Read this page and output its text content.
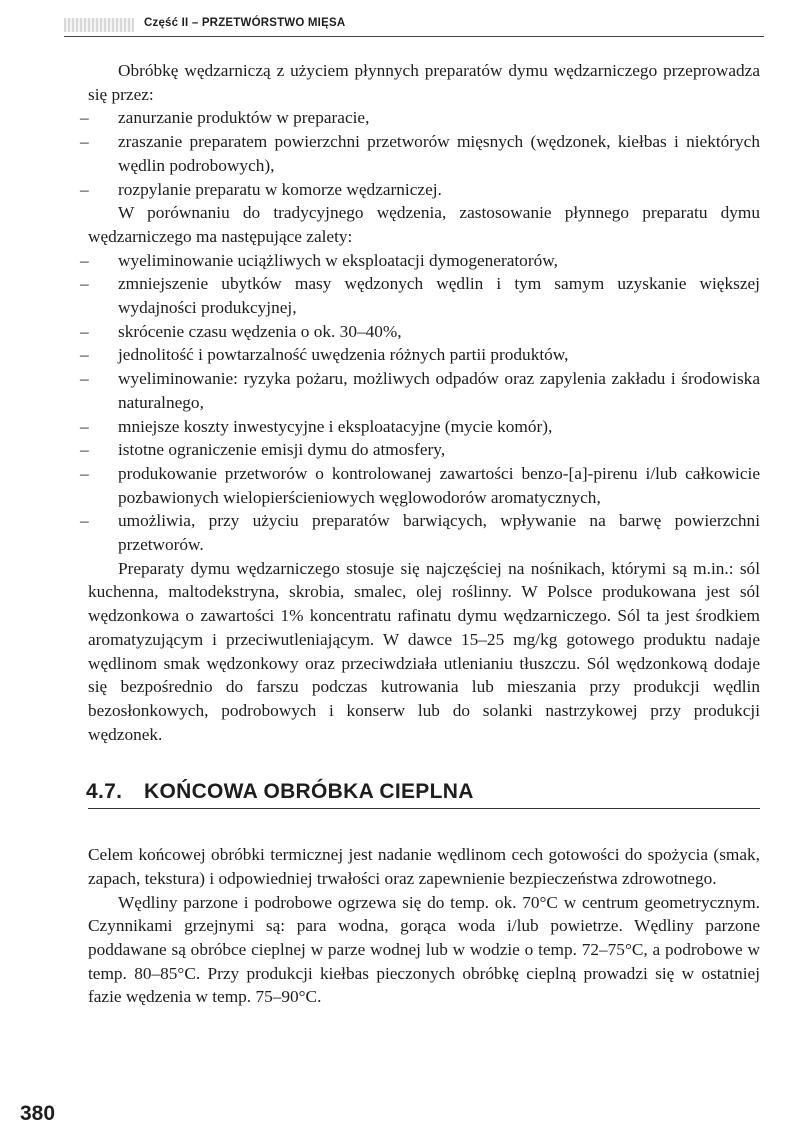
Część II – PRZETWÓRSTWO MIĘSA

Obróbkę wędzarniczą z użyciem płynnych preparatów dymu wędzarniczego przeprowadza się przez:

– zanurzanie produktów w preparacie,
– zraszanie preparatem powierzchni przetworów mięsnych (wędzonek, kiełbas i niektórych wędlin podrobowych),
– rozpylanie preparatu w komorze wędzarniczej.

W porównaniu do tradycyjnego wędzenia, zastosowanie płynnego preparatu dymu wędzarniczego ma następujące zalety:

– wyeliminowanie uciążliwych w eksploatacji dymogeneratorów,
– zmniejszenie ubytków masy wędzonych wędlin i tym samym uzyskanie większej wydajności produkcyjnej,
– skrócenie czasu wędzenia o ok. 30–40%,
– jednolitość i powtarzalność uwędzenia różnych partii produktów,
– wyeliminowanie: ryzyka pożaru, możliwych odpadów oraz zapylenia zakładu i środowiska naturalnego,
– mniejsze koszty inwestycyjne i eksploatacyjne (mycie komór),
– istotne ograniczenie emisji dymu do atmosfery,
– produkowanie przetworów o kontrolowanej zawartości benzo-[a]-pirenu i/lub całkowicie pozbawionych wielopierścieniowych węglowodorów aromatycznych,
– umożliwia, przy użyciu preparatów barwiących, wpływanie na barwę powierzchni przetworów.

Preparaty dymu wędzarniczego stosuje się najczęściej na nośnikach, którymi są m.in.: sól kuchenna, maltodekstryna, skrobia, smalec, olej roślinny. W Polsce produkowana jest sól wędzonkowa o zawartości 1% koncentratu rafinatu dymu wędzarniczego. Sól ta jest środkiem aromatyzującym i przeciwutleniającym. W dawce 15–25 mg/kg gotowego produktu nadaje wędlinom smak wędzonkowy oraz przeciwdziała utlenianiu tłuszczu. Sól wędzonkową dodaje się bezpośrednio do farszu podczas kutrowania lub mieszania przy produkcji wędlin bezosłonkowych, podrobowych i konserw lub do solanki nastrzykowej przy produkcji wędzonek.

4.7. KOŃCOWA OBRÓBKA CIEPLNA

Celem końcowej obróbki termicznej jest nadanie wędlinom cech gotowości do spożycia (smak, zapach, tekstura) i odpowiedniej trwałości oraz zapewnienie bezpieczeństwa zdrowotnego.

Wędliny parzone i podrobowe ogrzewa się do temp. ok. 70°C w centrum geometrycznym. Czynnikami grzejnymi są: para wodna, gorąca woda i/lub powietrze. Wędliny parzone poddawane są obróbce cieplnej w parze wodnej lub w wodzie o temp. 72–75°C, a podrobowe w temp. 80–85°C. Przy produkcji kiełbas pieczonych obróbkę cieplną prowadzi się w ostatniej fazie wędzenia w temp. 75–90°C.

380
